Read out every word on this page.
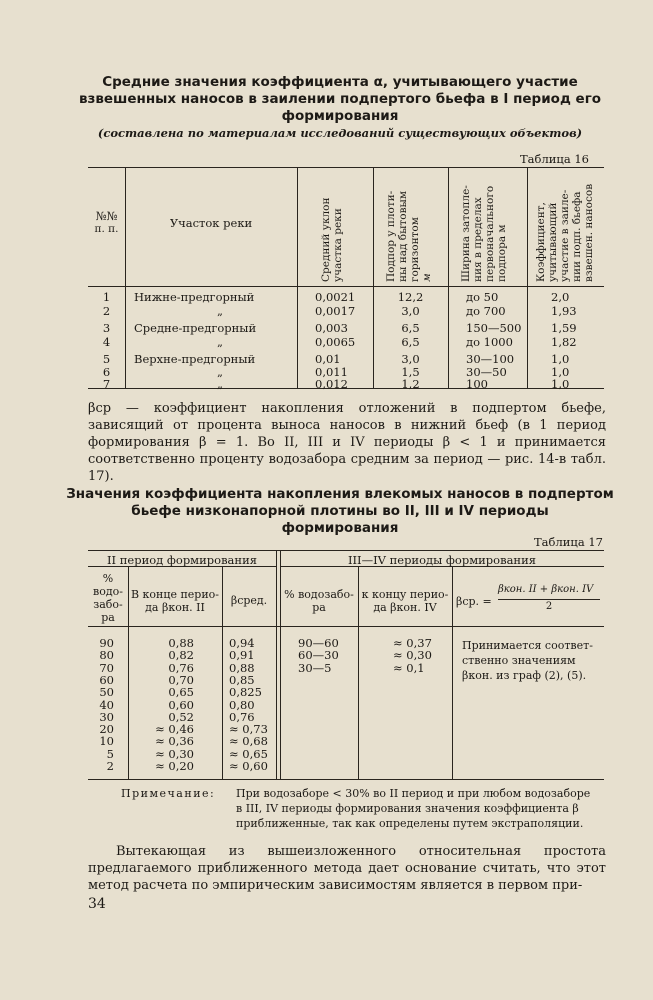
Средние значения коэффициента α, учитывающего участие
взвешенных наносов в заилении подпертого бьефа в I период его
формирования
(составлена по материалам исследований существующих объектов)
Таблица 16
№№
п. п.	Участок реки	Средний уклон участка реки	Подпор у плоти- ны над бытовым горизонтом м	Ширина затопле- ния в пределах первоначального подпора м	Коэффициент, учитывающий участие в заиле- нии подп. бьефа взвешен. наносов
1	Нижне-предгорный	0,0021	12,2	до 50	2,0
2	„	0,0017	3,0	до 700	1,93
3	Средне-предгорный	0,003	6,5	150—500	1,59
4	„	0,0065	6,5	до 1000	1,82
5	Верхне-предгорный	0,01	3,0	30—100	1,0
6	„	0,011	1,5	30—50	1,0
7	„	0,012	1,2	100	1,0
βср — коэффициент накопления отложений в подпертом бьефе, зависящий от процента выноса наносов в нижний бьеф (в 1 период формирования β = 1. Во II, III и IV периоды β < 1 и принимается соответственно проценту водозабора средним за период — рис. 14-в табл. 17).
Значения коэффициента накопления влекомых наносов в подпертом
бьефе низконапорной плотины во II, III и IV периоды
формирования
Таблица 17
II период формирования	III—IV периоды формирования
%
водо-
забо-
ра
В конце перио-
да βкон. II
βсред.	% водозабо-
ра
к концу перио-
да βкон. IV	βср. =
βкон. II + βкон. IV
2
90	0,88	0,94
80	0,82	0,91
70	0,76	0,88
60	0,70	0,85
50	0,65	0,825
40	0,60	0,80
30	0,52	0,76
20	≈ 0,46	≈ 0,73
10	≈ 0,36	≈ 0,68
5	≈ 0,30	≈ 0,65
2	≈ 0,20	≈ 0,60
90—60	≈ 0,37
60—30	≈ 0,30
30—5	≈ 0,1
Принимается соответ-
ственно значениям
βкон. из граф (2), (5).
Примечание: При водозаборе < 30% во II период и при любом водозаборе
в III, IV периоды формирования значения коэффициента β
приближенные, так как определены путем экстраполяции.
Вытекающая из вышеизложенного относительная простота предлагаемого приближенного метода дает основание считать, что этот метод расчета по эмпирическим зависимостям является в первом при-
34
